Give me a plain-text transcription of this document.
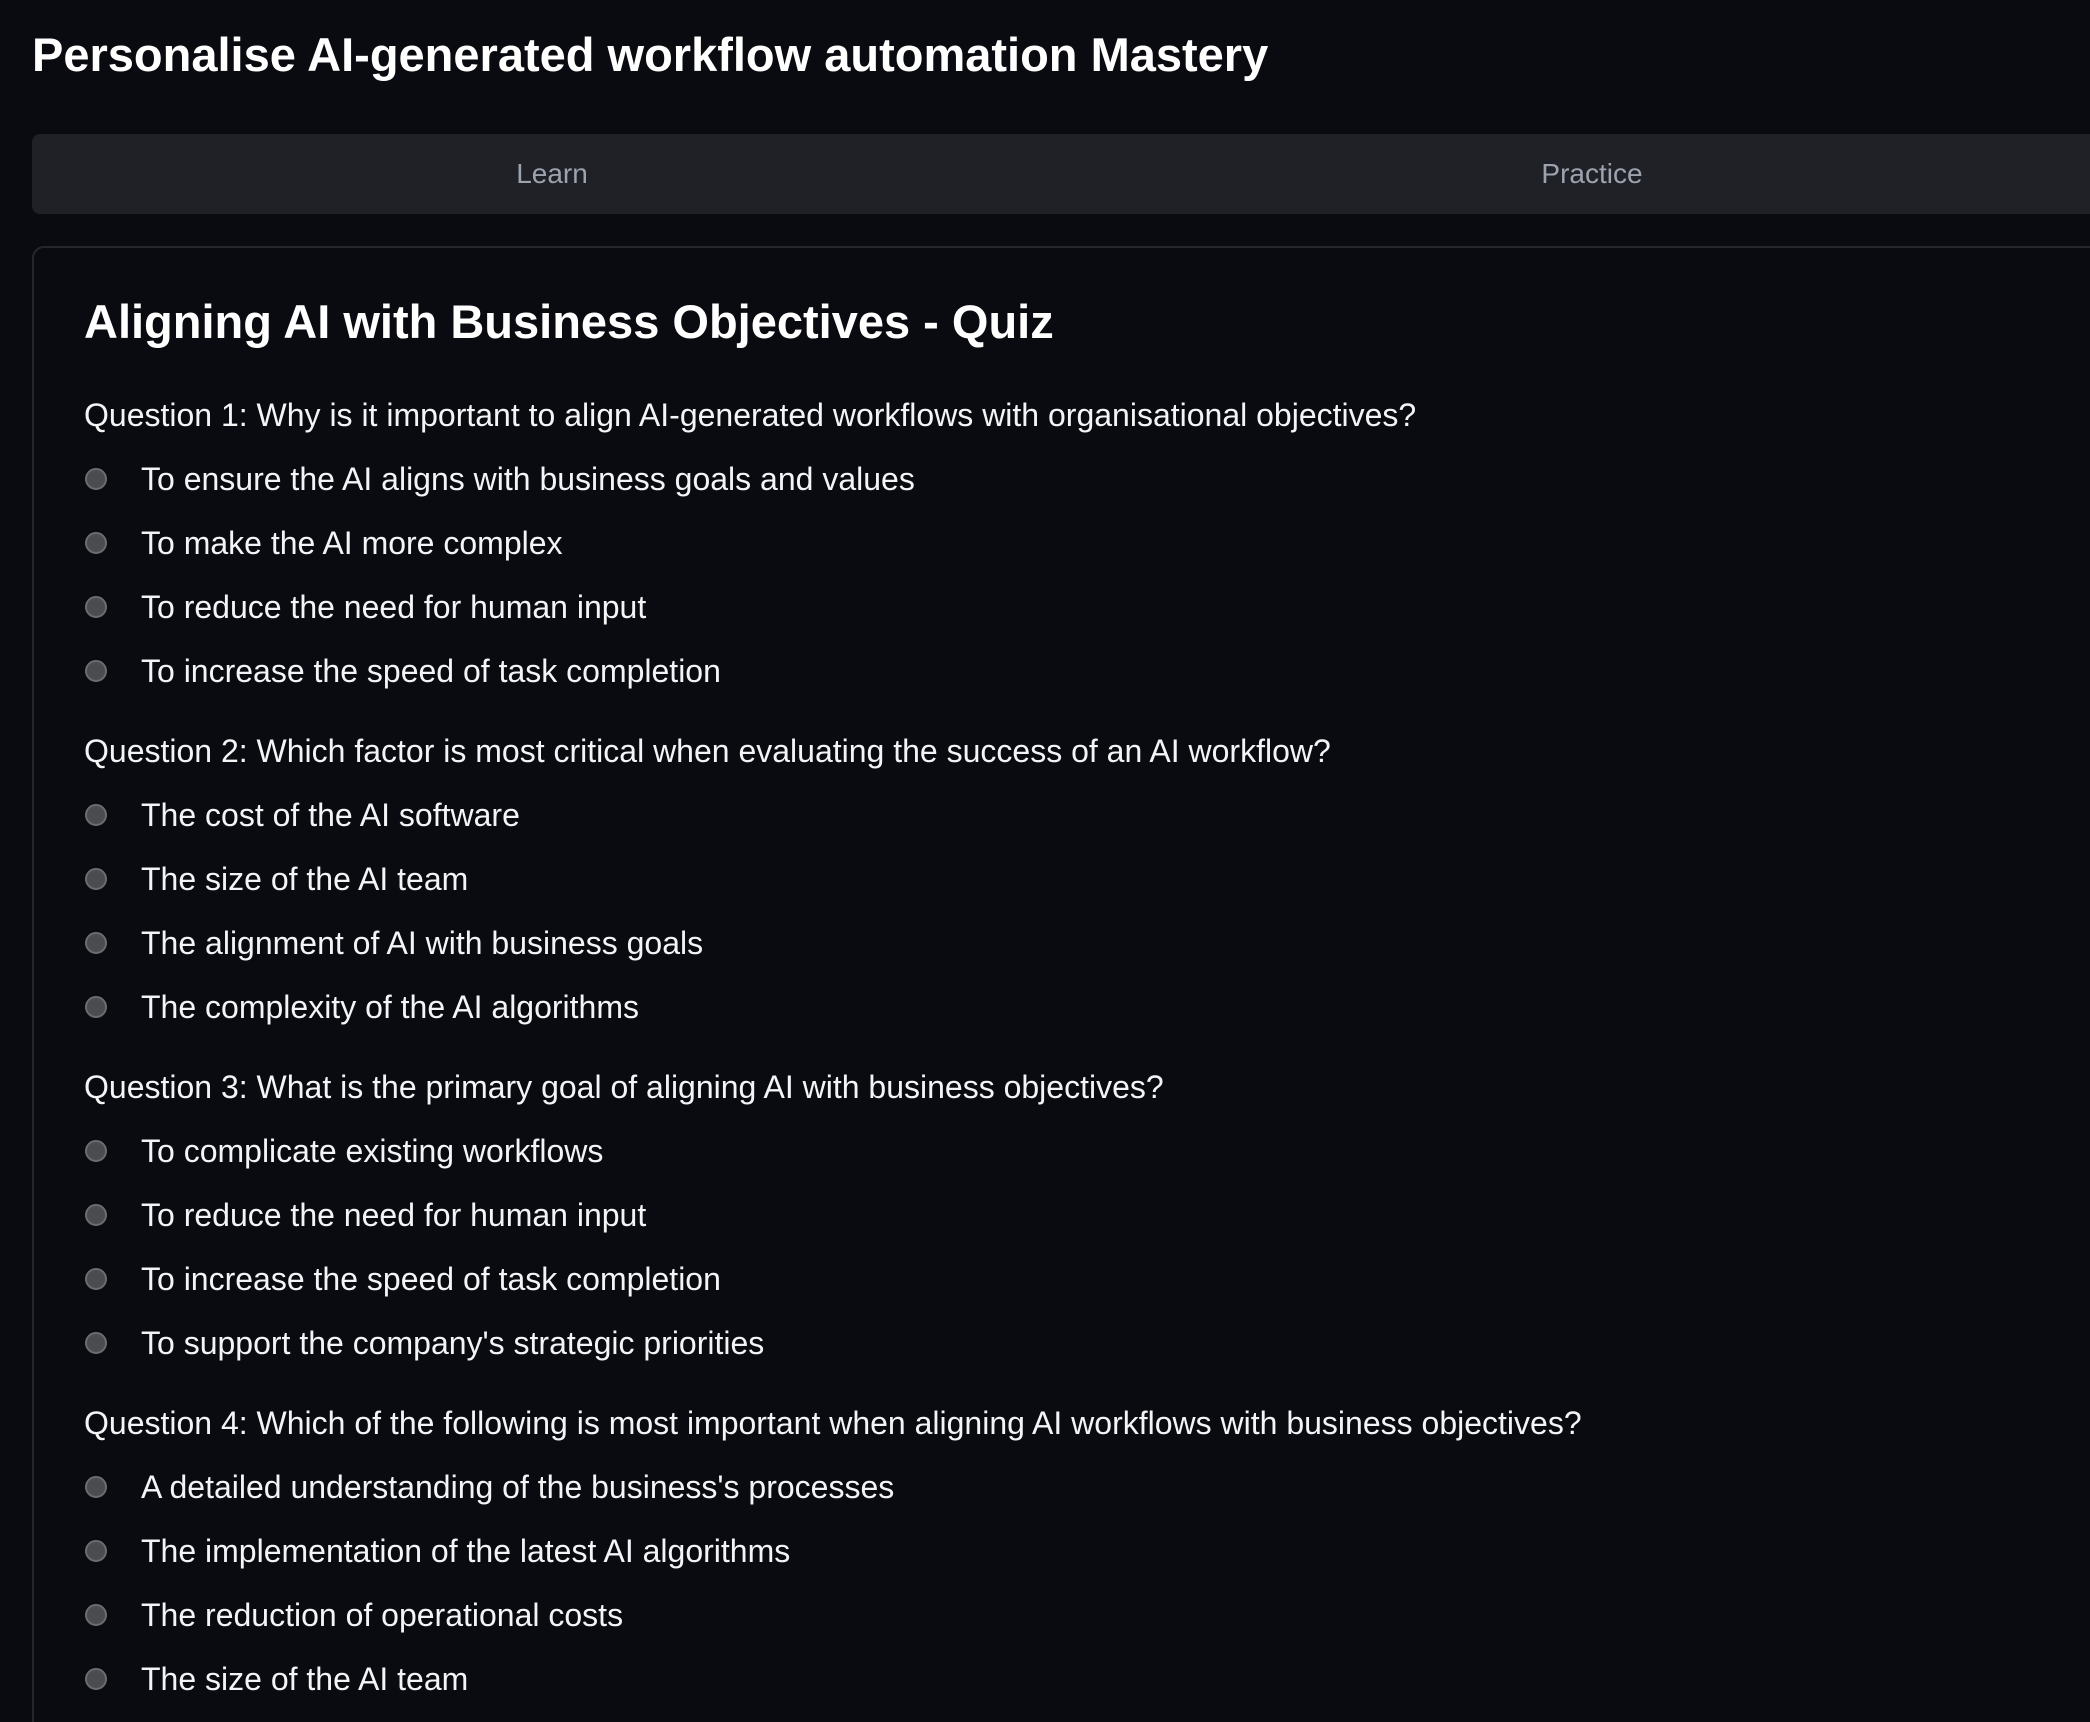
Personalise AI-generated workflow automation Mastery
Learn	Practice
Aligning AI with Business Objectives - Quiz

Question 1: Why is it important to align AI-generated workflows with organisational objectives?

To ensure the AI aligns with business goals and values
To make the AI more complex
To reduce the need for human input
To increase the speed of task completion

Question 2: Which factor is most critical when evaluating the success of an AI workflow?

The cost of the AI software
The size of the AI team
The alignment of AI with business goals
The complexity of the AI algorithms

Question 3: What is the primary goal of aligning AI with business objectives?

To complicate existing workflows
To reduce the need for human input
To increase the speed of task completion
To support the company's strategic priorities

Question 4: Which of the following is most important when aligning AI workflows with business objectives?

A detailed understanding of the business's processes
The implementation of the latest AI algorithms
The reduction of operational costs
The size of the AI team
